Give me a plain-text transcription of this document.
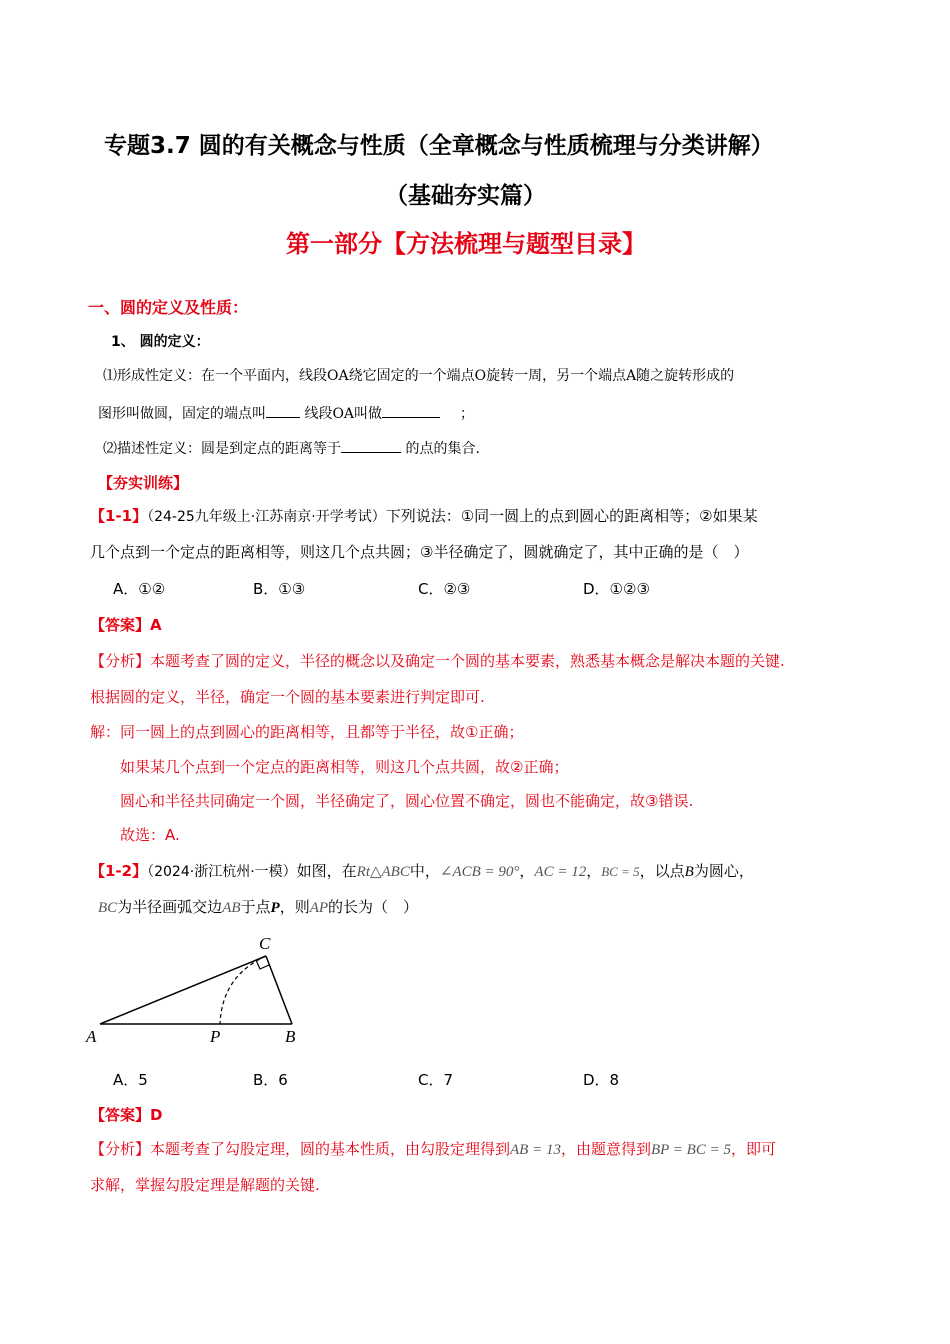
专题3.7 圆的有关概念与性质（全章概念与性质梳理与分类讲解）
（基础夯实篇）
第一部分【方法梳理与题型目录】
一、圆的定义及性质：
1、 圆的定义：
⑴形成性定义：在一个平面内，线段OA绕它固定的一个端点O旋转一周，另一个端点A随之旋转形成的
图形叫做圆，固定的端点叫 线段OA叫做	；
⑵描述性定义：圆是到定点的距离等于	的点的集合.
【夯实训练】
【1-1】（24-25九年级上·江苏南京·开学考试）下列说法：①同一圆上的点到圆心的距离相等；②如果某
几个点到一个定点的距离相等，则这几个点共圆；③半径确定了，圆就确定了，其中正确的是（　）
A．①②	B．①③	C．②③	D．①②③
【答案】A
【分析】本题考查了圆的定义，半径的概念以及确定一个圆的基本要素，熟悉基本概念是解决本题的关键.
根据圆的定义，半径，确定一个圆的基本要素进行判定即可.
解：同一圆上的点到圆心的距离相等，且都等于半径，故①正确；
如果某几个点到一个定点的距离相等，则这几个点共圆，故②正确；
圆心和半径共同确定一个圆，半径确定了，圆心位置不确定，圆也不能确定，故③错误.
故选：A.
【1-2】（2024·浙江杭州·一模）如图，在Rt△ABC中，∠ACB = 90°，AC = 12，BC = 5，以点B为圆心，
BC为半径画弧交边AB于点P，则AP的长为（　）
A	P	B
C
A．5	B．6	C．7	D．8
【答案】D
【分析】本题考查了勾股定理，圆的基本性质，由勾股定理得到AB = 13，由题意得到BP = BC = 5，即可
求解，掌握勾股定理是解题的关键.
